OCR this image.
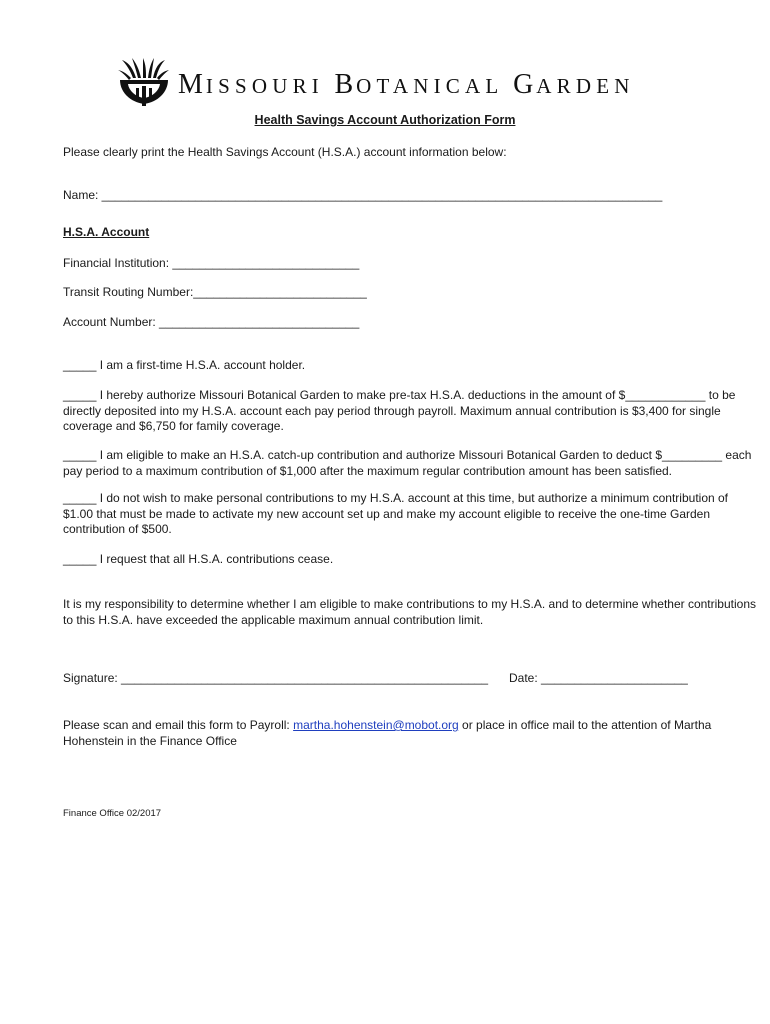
MISSOURI BOTANICAL GARDEN
Health Savings Account Authorization Form
Please clearly print the Health Savings Account (H.S.A.) account information below:
Name: ____________________________________________________________________________________
H.S.A. Account
Financial Institution: ____________________________
Transit Routing Number:__________________________
Account Number: ______________________________
_____ I am a first-time H.S.A. account holder.
_____ I hereby authorize Missouri Botanical Garden to make pre-tax H.S.A. deductions in the amount of $____________ to be directly deposited into my H.S.A. account each pay period through payroll. Maximum annual contribution is $3,400 for single coverage and $6,750 for family coverage.
_____ I am eligible to make an H.S.A. catch-up contribution and authorize Missouri Botanical Garden to deduct $_________ each pay period to a maximum contribution of $1,000 after the maximum regular contribution amount has been satisfied.
_____ I do not wish to make personal contributions to my H.S.A. account at this time, but authorize a minimum contribution of $1.00 that must be made to activate my new account set up and make my account eligible to receive the one-time Garden contribution of $500.
_____ I request that all H.S.A. contributions cease.
It is my responsibility to determine whether I am eligible to make contributions to my H.S.A. and to determine whether contributions to this H.S.A. have exceeded the applicable maximum annual contribution limit.
Signature: _______________________________________________________ Date: ______________________
Please scan and email this form to Payroll: martha.hohenstein@mobot.org or place in office mail to the attention of Martha Hohenstein in the Finance Office
Finance Office 02/2017
